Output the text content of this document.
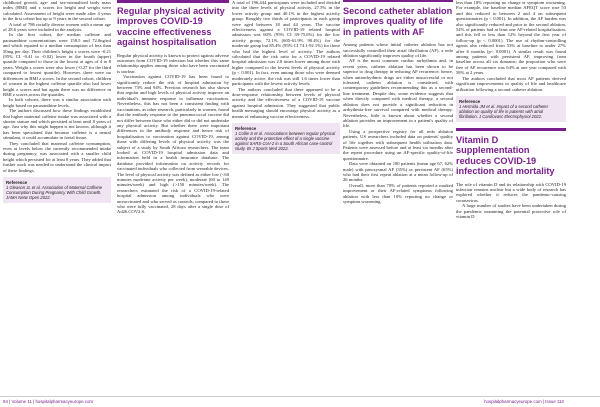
childhood growth, age- and sex-normalised body mass index (BMI) and z scores for height and weight were calculated. Assessment of height were made after 4 years in the first cohort but up to 9 years in the second cohort.

A total of 786 racially diverse women with a mean age of 28.6 years were included in the analysis.

In the first cohort, the median caffeine and paraxanthine concentrations were 158.5 and 72.8ng/ml and which equated to a median consumption of less than 50mg per day. Their children's height z scores were -0.21 (95% CI -0.41 to -0.02) lower in the fourth (upper) quartile compared to those in the lowest at ages of 4 to 8 years. Weight z scores were also lower (-0.27 for the third compared to lowest quartile). However, there were no differences in BMI z scores. In the second cohort, children of women in the highest caffeine quartile also had lower height z scores and but again there was no difference in BMI z scores across the quartiles.

In both cohorts, there was a similar association with height based on paraxanthine levels.

The authors discussed how these findings established that higher maternal caffeine intake was associated with a shorter stature and which persisted at least until 8 years of age. Just why this might happen is not known, although it has been speculated that because caffeine is a neural stimulant, it could accumulate in foetal tissue.

They concluded that maternal caffeine consumption, even at levels below the currently recommended intake during pregnancy, was associated with a smaller child height which persisted for at least 8 years. They added that further work was needed to understand the clinical impact of these findings.

Reference
1 Gleason JL et al. Association of Maternal Caffeine Consumption During Pregnancy With Child Growth. JAMA Netw Open 2022.
Regular physical activity improves COVID-19 vaccine effectiveness against hospitalisation

Regular physical activity is known to protect against adverse outcomes from COVID-19 infection but whether this same relationship applies among those who have been vaccinated is unclear.

Vaccination against COVID-19 has been found to significantly reduce the risk of hospital admission by between 73% and 94%. Previous research has also shown that regular and high levels of physical activity improve an individual's immune response to influenza vaccination. Nevertheless, this has not been a consistent finding with vaccinations, as other research, particularly in women, found that the antibody response to the pneumococcal vaccine did not differ between those who either did or did not undertake any physical activity. But whether there were important differences in the antibody response and hence risk of hospitalisation to vaccination against COVID-19, among those with differing levels of physical activity was the subject of a study by South African researchers. The team looked at COVID-19 hospital admission data and information held in a health insurance database. The database provided information on activity records for vaccinated individuals who collected from wearable devices. The level of physical activity was defined as either low (<60 minutes moderate activity per week), moderate (60 to 149 minutes/week) and high (>150 minutes/week). The researchers estimated the risk of a COVID-19-related hospital admission among individuals who were unvaccinated and who served as controls, compared to those who were fully vaccinated, 28 days after a single dose of Ad26.COV2.S.

A total of 196,444 participants were included and divided into the three levels of physical activity, 27.5% in the lower activity group and 40.1% in the highest activity group. Roughly two thirds of participants in each group were aged between 18 and 44 years. The vaccine effectiveness against a COVID-19 related hospital admission was 60% (95% CI 39-75.6%) for the low activity group, 72.1% (605-61.9% 90.4%) for the moderate group but 85.4% (95% CI 74.1-92.1%) for those who had the highest level of activity. The authors calculated that the risk ratio for a COVID-19 related hospital admission was 2.8 times lower among those with higher compared to the lowest levels of physical activity (p < 0.001). In fact, even among those who were deemed moderately active, the risk was still 1.6 times lower than participants with the lowest activity levels.

The authors concluded that there appeared to be a dose-response relationship between levels of physical activity and the effectiveness of a COVID-19 vaccine against hospital admission. They suggested that public health messaging should encourage physical activity as a means of enhancing vaccine effectiveness.

Reference
1 Collie S et al. Associations between regular physical activity and the protective effect of a single vaccine against SARS-CoV-2 in a South African case-control study. Br J Sports Med 2022.
Second catheter ablation improves quality of life in patients with AF

Among patients whose initial catheter ablation has not successfully controlled their atrial fibrillation (AF), a redo ablation significantly improves quality of life.

AF is the most common cardiac arrhythmia and, in recent years, catheter ablation has been shown to be superior to drug therapy in reducing AF recurrence, hence, when antiarrhythmic drugs are either unsuccessful or not tolerated, catheter ablation is considered, with contemporary guidelines recommending this as a second-line treatment. Despite this, some evidence suggests that when directly compared with medical therapy, a second ablation does not provide a significant reduction in arrhythmia-free survival compared with medical therapy. Nevertheless, little is known about whether a second ablation provides an improvement in a patient's quality of life.

Using a prospective registry for all redo ablation patients, US researchers included data on patients' quality of life together with subsequent health utilisation data. Patients were assessed before and at least six months after the repeat procedure using an AF-specific quality-of-life questionnaire.

Data were obtained on 180 patients (mean age 67, 62% male) with paroxysmal AF (35%) or persistent AF (65%) who had their first repeat ablation at a mean follow-up of 26 months.

Overall, more than 70% of patients reported a marked improvement or their AF-related symptoms following ablation with less than 10% reporting no change or symptom worsening.

less than 10% reporting no change or symptom worsening. For example, the baseline median AFEQT score rose 53 and this reduced to between 2 and 4 on subsequent questionnaires (p < 0.001). In addition, the AF burden was also significantly reduced and prior to the second ablation, 54% of patients had at least one AF-related hospitalisation, and this fell to less than 12% beyond the first year of follow-up (p < 0.0001). The use of rhythm-controlling agents also reduced from 53% at baseline to under 27% after 6 months (p< 0.0001). A similar result was found among patients with persistent AF, improving from baseline across all six domains; the proportion who were free of AF recurrence was 64% at one year compared with 58% at 2 years.

The authors concluded that most AF patients derived significant improvements in quality of life and healthcare utilisation following a second catheter ablation.

Reference
1 Hermida JM et al. Impact of a second catheter ablation on quality of life in patients with atrial fibrillation. J Cardiovasc Electrophysiol 2022.
Vitamin D supplementation reduces COVID-19 infection and mortality

The role of vitamin D and its relationship with COVID-19 infection remains unclear but a wide body of research has explored whether it reduces the pandemic-causing coronavirus.

A large number of studies have been undertaken during the pandemic examining the potential protective role of vitamin D

94 | Volume 11 | hospitalpharmacyeurope.com	hospitalpharmacyeurope.com | Issue 110
